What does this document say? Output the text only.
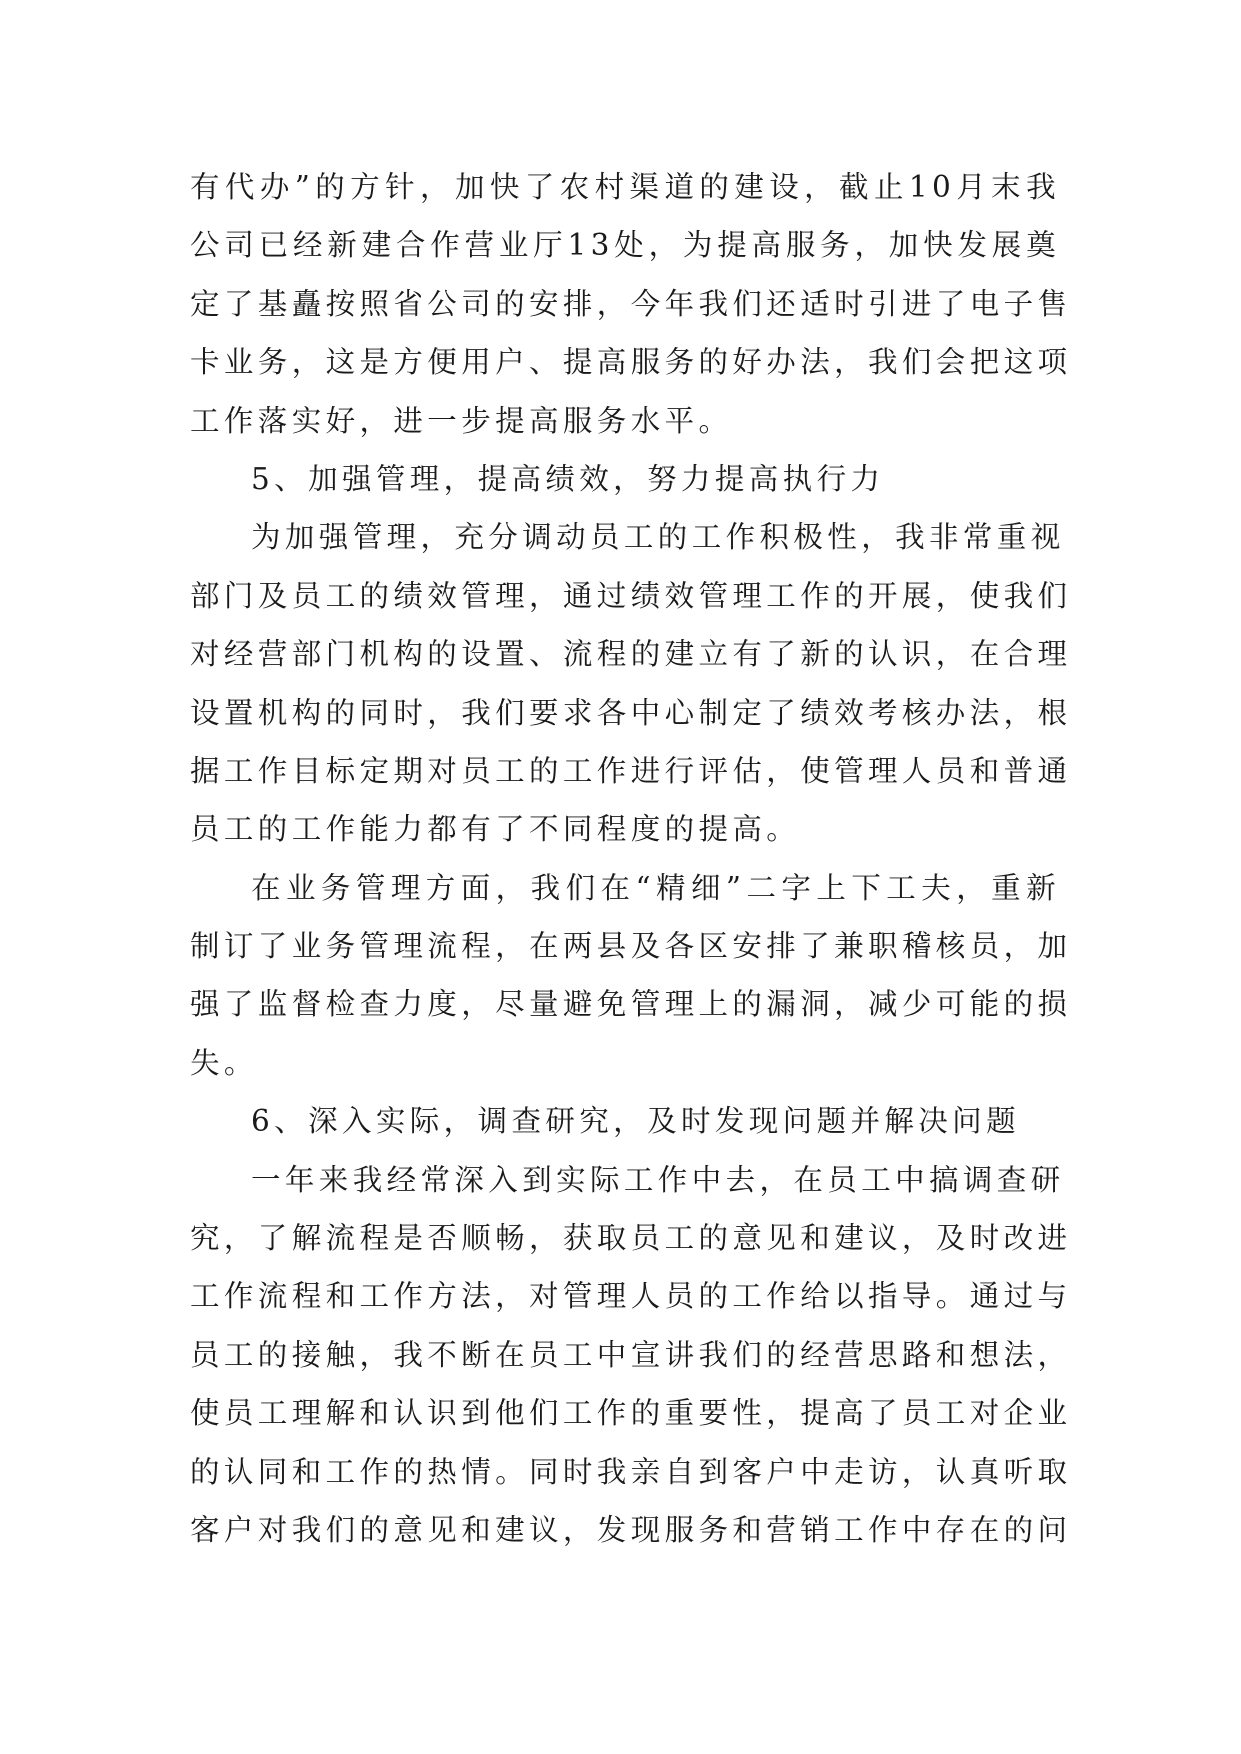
有代办”的方针，加快了农村渠道的建设，截止10月末我
公司已经新建合作营业厅13处，为提高服务，加快发展奠
定了基矗按照省公司的安排，今年我们还适时引进了电子售
卡业务，这是方便用户、提高服务的好办法，我们会把这项
工作落实好，进一步提高服务水平。
5、加强管理，提高绩效，努力提高执行力
为加强管理，充分调动员工的工作积极性，我非常重视
部门及员工的绩效管理，通过绩效管理工作的开展，使我们
对经营部门机构的设置、流程的建立有了新的认识，在合理
设置机构的同时，我们要求各中心制定了绩效考核办法，根
据工作目标定期对员工的工作进行评估，使管理人员和普通
员工的工作能力都有了不同程度的提高。
在业务管理方面，我们在“精细”二字上下工夫，重新
制订了业务管理流程，在两县及各区安排了兼职稽核员，加
强了监督检查力度，尽量避免管理上的漏洞，减少可能的损
失。
6、深入实际，调查研究，及时发现问题并解决问题
一年来我经常深入到实际工作中去，在员工中搞调查研
究，了解流程是否顺畅，获取员工的意见和建议，及时改进
工作流程和工作方法，对管理人员的工作给以指导。通过与
员工的接触，我不断在员工中宣讲我们的经营思路和想法，
使员工理解和认识到他们工作的重要性，提高了员工对企业
的认同和工作的热情。同时我亲自到客户中走访，认真听取
客户对我们的意见和建议，发现服务和营销工作中存在的问
